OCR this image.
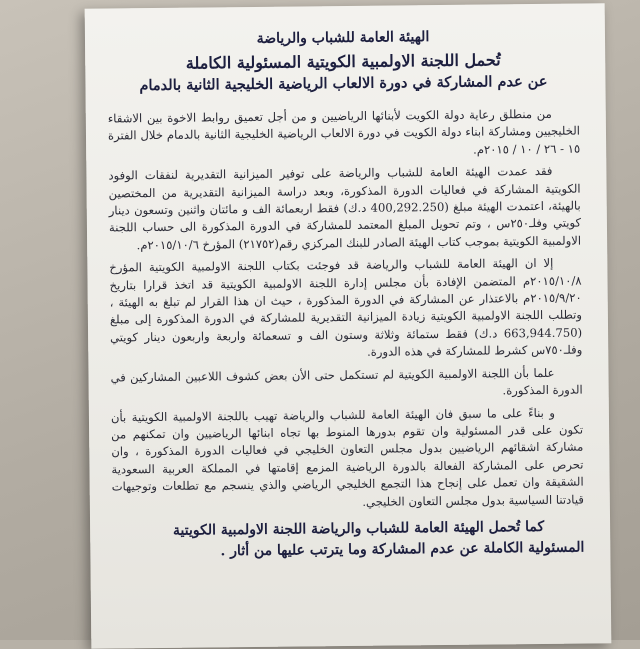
الهيئة العامة للشباب والرياضة
تُحمل اللجنة الاولمبية الكويتية المسئولية الكاملة
عن عدم المشاركة في دورة الالعاب الرياضية الخليجية الثانية بالدمام

من منطلق رعاية دولة الكويت لأبنائها الرياضيين و من أجل تعميق روابط الاخوة بين الاشقاء الخليجيين ومشاركة ابناء دولة الكويت في دورة الالعاب الرياضية الخليجية الثانية بالدمام خلال الفترة ١٥ - ٢٦ / ١٠ / ٢٠١٥م.

فقد عمدت الهيئة العامة للشباب والرياضة على توفير الميزانية التقديرية لنفقات الوفود الكويتية المشاركة في فعاليات الدورة المذكورة، وبعد دراسة الميزانية التقديرية من المختصين بالهيئة، اعتمدت الهيئة مبلغ (400,292.250 د.ك) فقط اربعمائة الف و مائتان واثنين وتسعون دينار كويتي وفلـ٢٥٠س ، وتم تحويل المبلغ المعتمد للمشاركة في الدورة المذكورة الى حساب اللجنة الاولمبية الكويتية بموجب كتاب الهيئة الصادر للبنك المركزي رقم(٢١٧٥٢) المؤرخ ٢٠١٥/١٠/٦م.

إلا ان الهيئة العامة للشباب والرياضة قد فوجئت بكتاب اللجنة الاولمبية الكويتية المؤرخ ٢٠١٥/١٠/٨م المتضمن الإفادة بأن مجلس إدارة اللجنة الاولمبية الكويتية قد اتخذ قرارا بتاريخ ٢٠١٥/٩/٢٠م بالاعتذار عن المشاركة في الدورة المذكورة ، حيث ان هذا القرار لم تبلغ به الهيئة ، وتطلب اللجنة الاولمبية الكويتية زيادة الميزانية التقديرية للمشاركة في الدورة المذكورة إلى مبلغ (663,944.750 د.ك) فقط ستمائة وثلاثة وستون الف و تسعمائة واربعة واربعون دينار كويتي وفلـ٧٥٠س كشرط للمشاركة في هذه الدورة.

علما بأن اللجنة الاولمبية الكويتية لم تستكمل حتى الأن بعض كشوف اللاعبين المشاركين في الدورة المذكورة.

و بناءً على ما سبق فان الهيئة العامة للشباب والرياضة تهيب باللجنة الاولمبية الكويتية بأن تكون على قدر المسئولية وان تقوم بدورها المنوط بها تجاه ابنائها الرياضيين وان تمكنهم من مشاركة اشقائهم الرياضيين بدول مجلس التعاون الخليجي في فعاليات الدورة المذكورة ، وان تحرص على المشاركة الفعالة بالدورة الرياضية المزمع إقامتها في المملكة العربية السعودية الشقيقة وان تعمل على إنجاح هذا التجمع الخليجي الرياضي والذي ينسجم مع تطلعات وتوجيهات قيادتنا السياسية بدول مجلس التعاون الخليجي.

كما تُحمل الهيئة العامة للشباب والرياضة اللجنة الاولمبية الكويتية المسئولية الكاملة عن عدم المشاركة وما يترتب عليها من أثار .
